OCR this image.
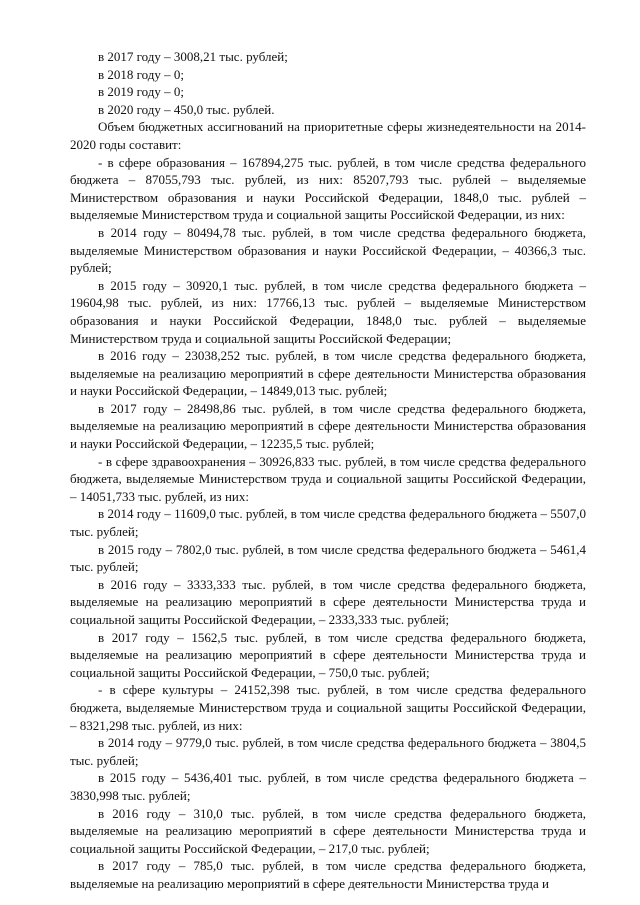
в 2017 году – 3008,21 тыс. рублей;

в 2018 году – 0;

в 2019 году – 0;

в 2020 году – 450,0 тыс. рублей.

Объем бюджетных ассигнований на приоритетные сферы жизнедеятельности на 2014-2020 годы составит:

- в сфере образования – 167894,275 тыс. рублей, в том числе средства федерального бюджета – 87055,793 тыс. рублей, из них: 85207,793 тыс. рублей – выделяемые Министерством образования и науки Российской Федерации, 1848,0 тыс. рублей – выделяемые Министерством труда и социальной защиты Российской Федерации, из них:

в 2014 году – 80494,78 тыс. рублей, в том числе средства федерального бюджета, выделяемые Министерством образования и науки Российской Федерации, – 40366,3 тыс. рублей;

в 2015 году – 30920,1 тыс. рублей, в том числе средства федерального бюджета – 19604,98 тыс. рублей, из них: 17766,13 тыс. рублей – выделяемые Министерством образования и науки Российской Федерации, 1848,0 тыс. рублей – выделяемые Министерством труда и социальной защиты Российской Федерации;

в 2016 году – 23038,252 тыс. рублей, в том числе средства федерального бюджета, выделяемые на реализацию мероприятий в сфере деятельности Министерства образования и науки Российской Федерации, – 14849,013 тыс. рублей;

в 2017 году – 28498,86 тыс. рублей, в том числе средства федерального бюджета, выделяемые на реализацию мероприятий в сфере деятельности Министерства образования и науки Российской Федерации, – 12235,5 тыс. рублей;

- в сфере здравоохранения – 30926,833 тыс. рублей, в том числе средства федерального бюджета, выделяемые Министерством труда и социальной защиты Российской Федерации, – 14051,733 тыс. рублей, из них:

в 2014 году – 11609,0 тыс. рублей, в том числе средства федерального бюджета – 5507,0 тыс. рублей;

в 2015 году – 7802,0 тыс. рублей, в том числе средства федерального бюджета – 5461,4 тыс. рублей;

в 2016 году – 3333,333 тыс. рублей, в том числе средства федерального бюджета, выделяемые на реализацию мероприятий в сфере деятельности Министерства труда и социальной защиты Российской Федерации, – 2333,333 тыс. рублей;

в 2017 году – 1562,5 тыс. рублей, в том числе средства федерального бюджета, выделяемые на реализацию мероприятий в сфере деятельности Министерства труда и социальной защиты Российской Федерации, – 750,0 тыс. рублей;

- в сфере культуры – 24152,398 тыс. рублей, в том числе средства федерального бюджета, выделяемые Министерством труда и социальной защиты Российской Федерации, – 8321,298 тыс. рублей, из них:

в 2014 году – 9779,0 тыс. рублей, в том числе средства федерального бюджета – 3804,5 тыс. рублей;

в 2015 году – 5436,401 тыс. рублей, в том числе средства федерального бюджета – 3830,998 тыс. рублей;

в 2016 году – 310,0 тыс. рублей, в том числе средства федерального бюджета, выделяемые на реализацию мероприятий в сфере деятельности Министерства труда и социальной защиты Российской Федерации, – 217,0 тыс. рублей;

в 2017 году – 785,0 тыс. рублей, в том числе средства федерального бюджета, выделяемые на реализацию мероприятий в сфере деятельности Министерства труда и
